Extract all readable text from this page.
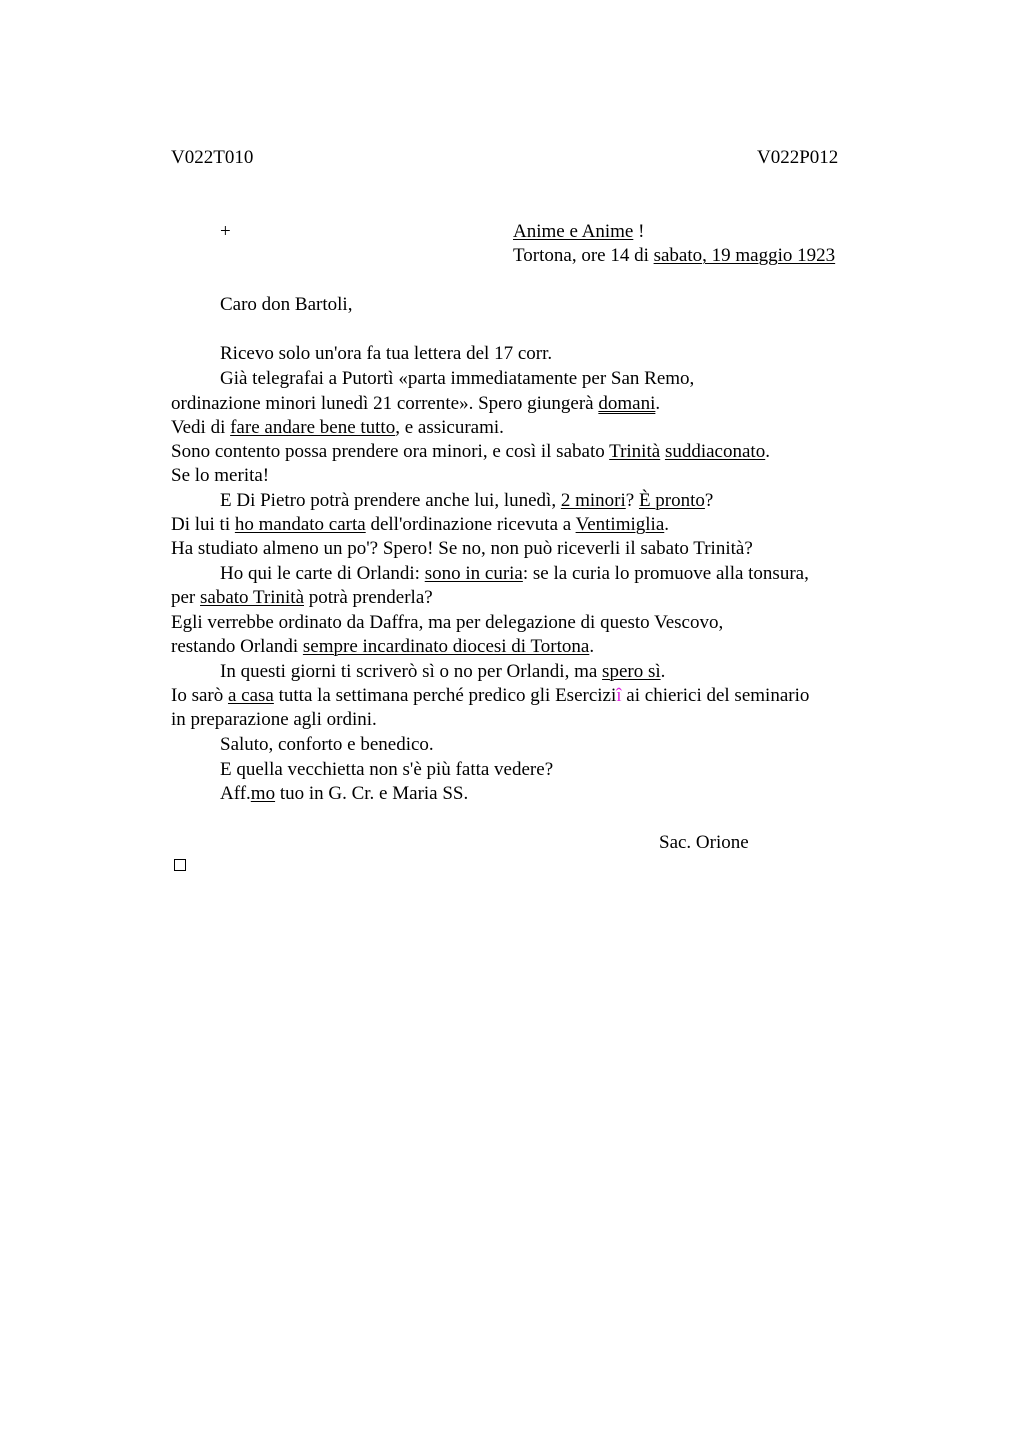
V022T010	V022P012
+	Anime e Anime !
Tortona, ore 14 di sabato, 19 maggio 1923
Caro don Bartoli,
Ricevo solo un'ora fa tua lettera del 17 corr.
Già telegrafai a Putortì «parta immediatamente per San Remo,
ordinazione minori lunedì 21 corrente». Spero giungerà domani.
Vedi di fare andare bene tutto, e assicurami.
Sono contento possa prendere ora minori, e così il sabato Trinità suddiaconato.
Se lo merita!
E Di Pietro potrà prendere anche lui, lunedì, 2 minori? È pronto?
Di lui ti ho mandato carta dell'ordinazione ricevuta a Ventimiglia.
Ha studiato almeno un po'? Spero! Se no, non può riceverli il sabato Trinità?
Ho qui le carte di Orlandi: sono in curia: se la curia lo promuove alla tonsura,
per sabato Trinità potrà prenderla?
Egli verrebbe ordinato da Daffra, ma per delegazione di questo Vescovo,
restando Orlandi sempre incardinato diocesi di Tortona.
In questi giorni ti scriverò sì o no per Orlandi, ma spero sì.
Io sarò a casa tutta la settimana perché predico gli Eserciziî ai chierici del seminario
in preparazione agli ordini.
Saluto, conforto e benedico.
E quella vecchietta non s'è più fatta vedere?
Aff.mo tuo in G. Cr. e Maria SS.
Sac. Orione
